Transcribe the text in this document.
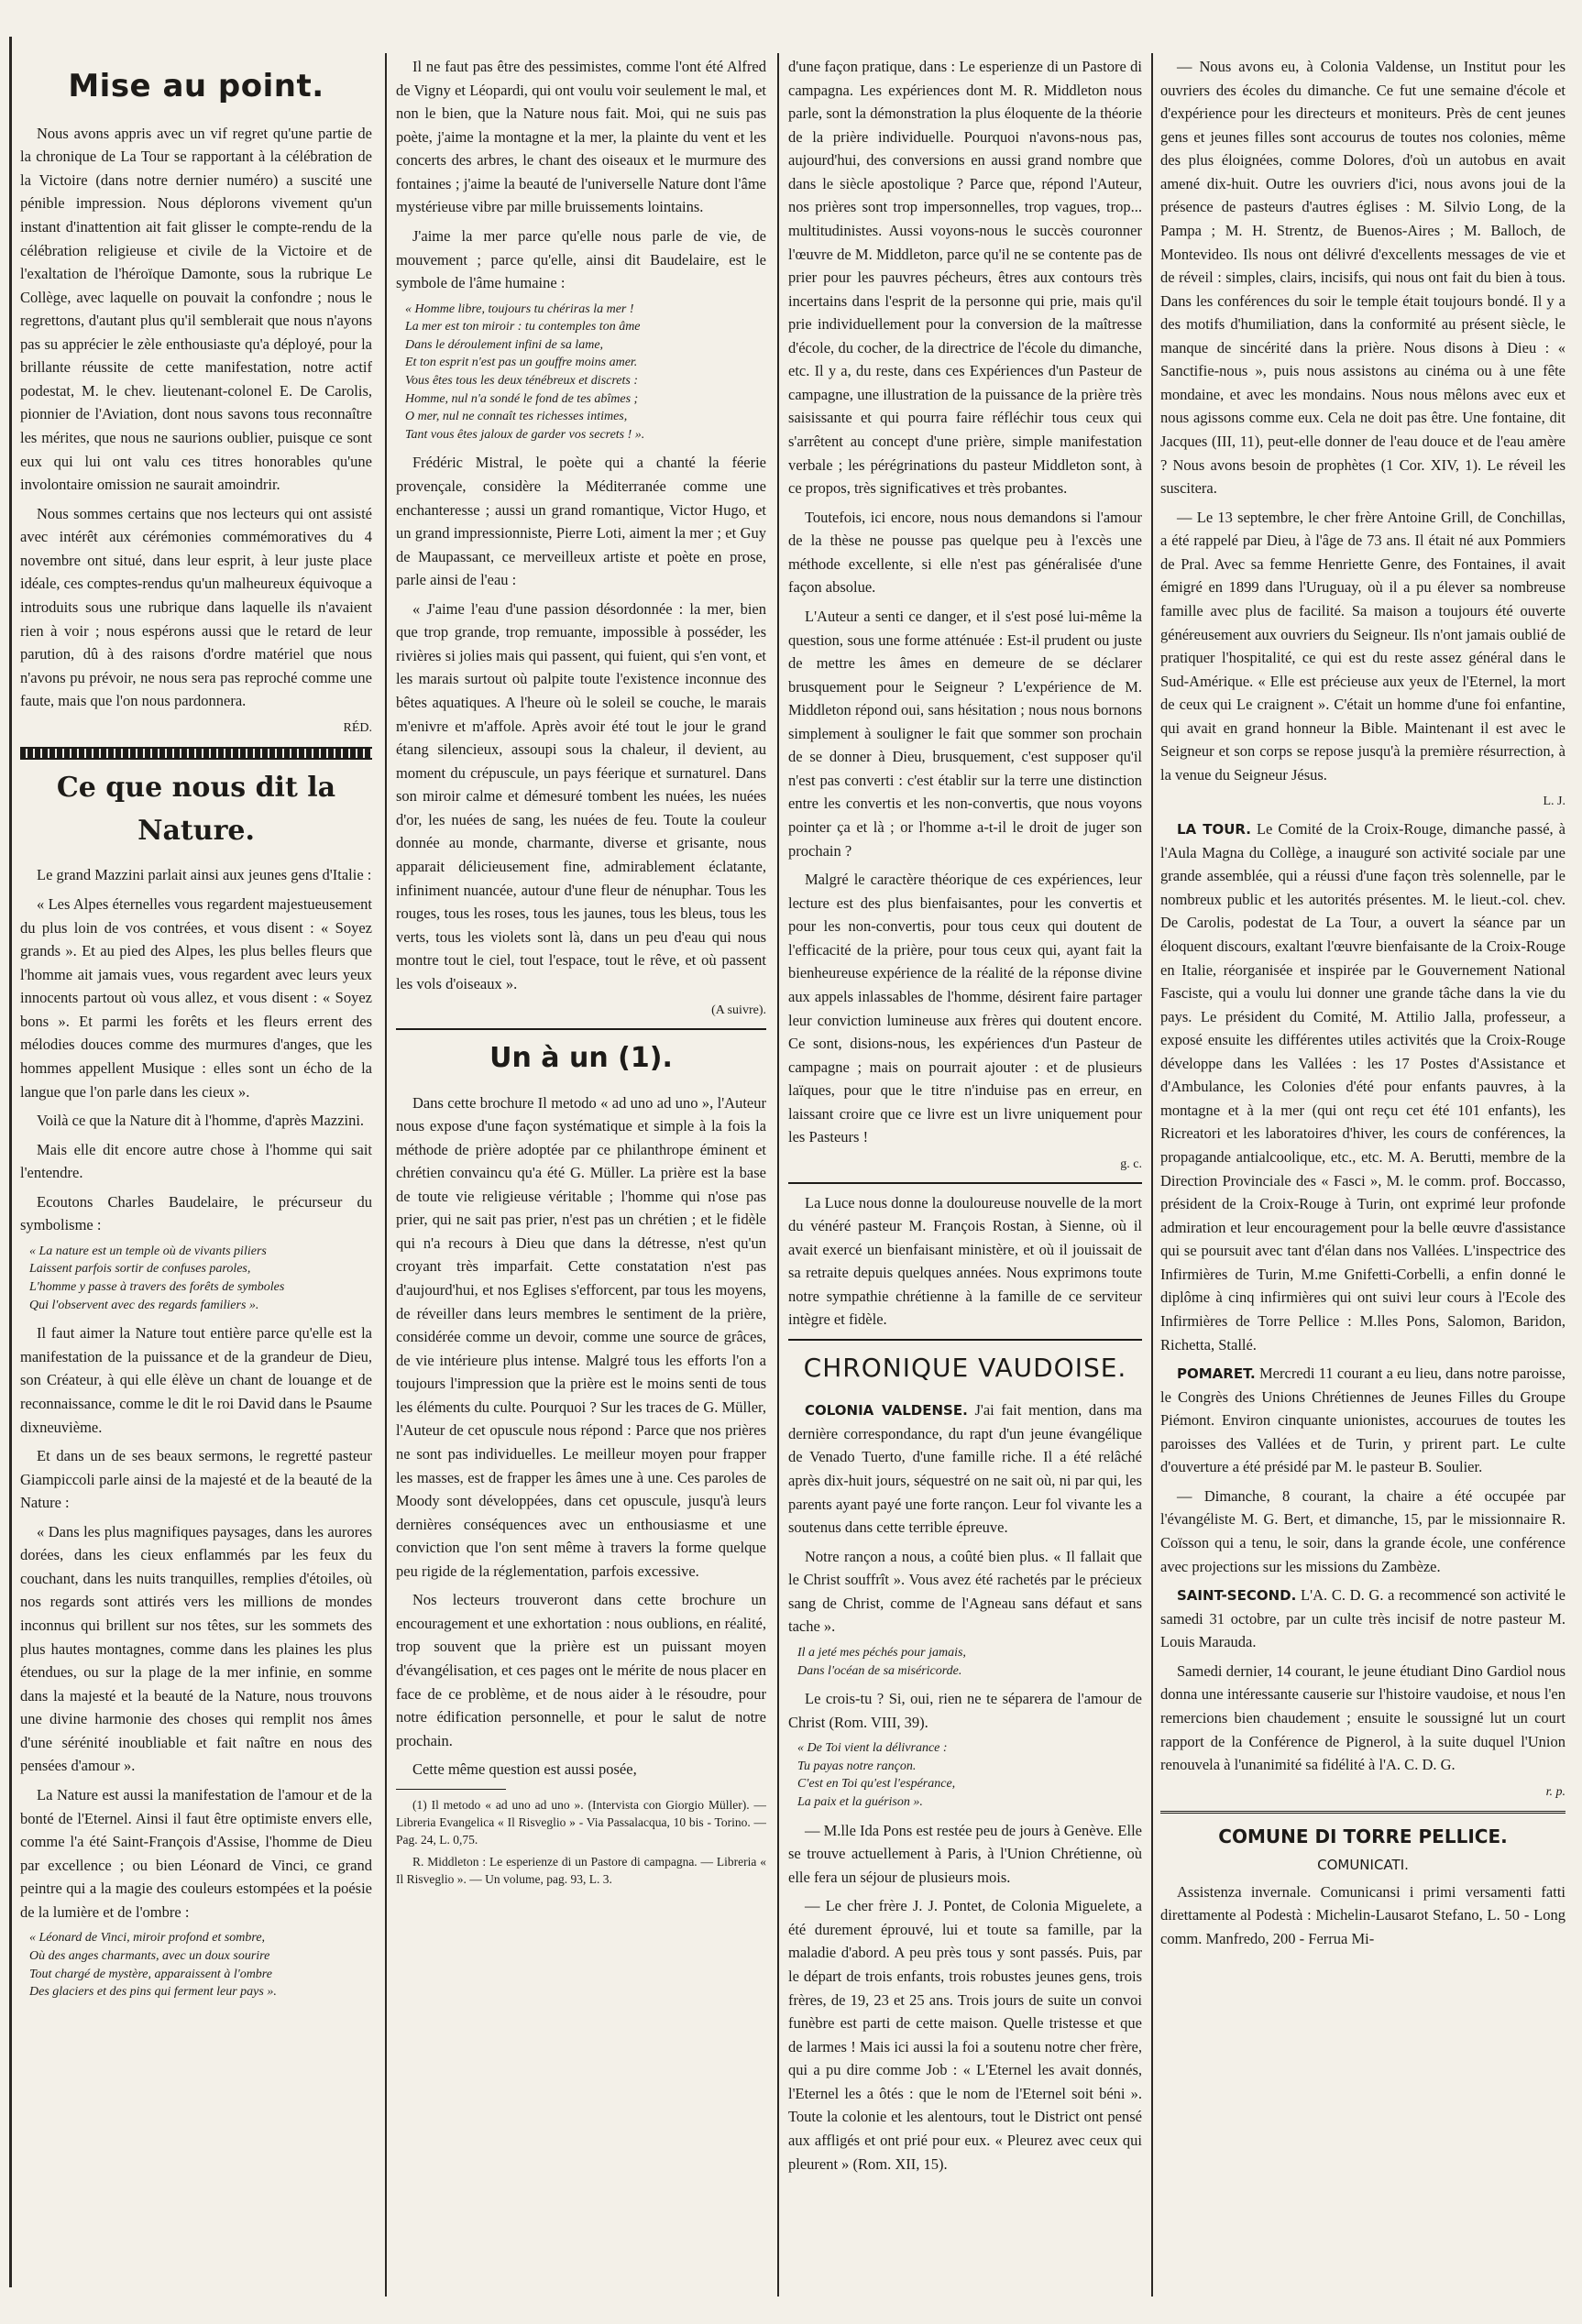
Mise au point.

Nous avons appris avec un vif regret qu'une partie de la chronique de La Tour se rapportant à la célébration de la Victoire (dans notre dernier numéro) a suscité une pénible impression. Nous déplorons vivement qu'un instant d'inattention ait fait glisser le compte-rendu de la célébration religieuse et civile de la Victoire et de l'exaltation de l'héroïque Damonte, sous la rubrique Le Collège, avec laquelle on pouvait la confondre ; nous le regrettons, d'autant plus qu'il semblerait que nous n'ayons pas su apprécier le zèle enthousiaste qu'a déployé, pour la brillante réussite de cette manifestation, notre actif podestat, M. le chev. lieutenant-colonel E. De Carolis, pionnier de l'Aviation, dont nous savons tous reconnaître les mérites, que nous ne saurions oublier, puisque ce sont eux qui lui ont valu ces titres honorables qu'une involontaire omission ne saurait amoindrir.

Nous sommes certains que nos lecteurs qui ont assisté avec intérêt aux cérémonies commémoratives du 4 novembre ont situé, dans leur esprit, à leur juste place idéale, ces comptes-rendus qu'un malheureux équivoque a introduits sous une rubrique dans laquelle ils n'avaient rien à voir ; nous espérons aussi que le retard de leur parution, dû à des raisons d'ordre matériel que nous n'avons pu prévoir, ne nous sera pas reproché comme une faute, mais que l'on nous pardonnera.

RÉD.
Ce que nous dit la Nature.

Le grand Mazzini parlait ainsi aux jeunes gens d'Italie :

« Les Alpes éternelles vous regardent majestueusement du plus loin de vos contrées, et vous disent : « Soyez grands ». Et au pied des Alpes, les plus belles fleurs que l'homme ait jamais vues, vous regardent avec leurs yeux innocents partout où vous allez, et vous disent : « Soyez bons ». Et parmi les forêts et les fleurs errent des mélodies douces comme des murmures d'anges, que les hommes appellent Musique : elles sont un écho de la langue que l'on parle dans les cieux ».

Voilà ce que la Nature dit à l'homme, d'après Mazzini.

Mais elle dit encore autre chose à l'homme qui sait l'entendre.

Ecoutons Charles Baudelaire, le précurseur du symbolisme :

« La nature est un temple où de vivants piliers
Laissent parfois sortir de confuses paroles,
L'homme y passe à travers des forêts de symboles
Qui l'observent avec des regards familiers ».

Il faut aimer la Nature tout entière parce qu'elle est la manifestation de la puissance et de la grandeur de Dieu, son Créateur, à qui elle élève un chant de louange et de reconnaissance, comme le dit le roi David dans le Psaume dixneuvième.

Et dans un de ses beaux sermons, le regretté pasteur Giampiccoli parle ainsi de la majesté et de la beauté de la Nature :

« Dans les plus magnifiques paysages, dans les aurores dorées, dans les cieux enflammés par les feux du couchant, dans les nuits tranquilles, remplies d'étoiles, où nos regards sont attirés vers les millions de mondes inconnus qui brillent sur nos têtes, sur les sommets des plus hautes montagnes, comme dans les plaines les plus étendues, ou sur la plage de la mer infinie, en somme dans la majesté et la beauté de la Nature, nous trouvons une divine harmonie des choses qui remplit nos âmes d'une sérénité inoubliable et fait naître en nous des pensées d'amour ».

La Nature est aussi la manifestation de l'amour et de la bonté de l'Eternel. Ainsi il faut être optimiste envers elle, comme l'a été Saint-François d'Assise, l'homme de Dieu par excellence ; ou bien Léonard de Vinci, ce grand peintre qui a la magie des couleurs estompées et la poésie de la lumière et de l'ombre :

« Léonard de Vinci, miroir profond et sombre,
Où des anges charmants, avec un doux sourire
Tout chargé de mystère, apparaissent à l'ombre
Des glaciers et des pins qui ferment leur pays ».

Il ne faut pas être des pessimistes, comme l'ont été Alfred de Vigny et Léopardi, qui ont voulu voir seulement le mal, et non le bien, que la Nature nous fait. Moi, qui ne suis pas poète, j'aime la montagne et la mer, la plainte du vent et les concerts des arbres, le chant des oiseaux et le murmure des fontaines ; j'aime la beauté de l'universelle Nature dont l'âme mystérieuse vibre par mille bruissements lointains.

J'aime la mer parce qu'elle nous parle de vie, de mouvement ; parce qu'elle, ainsi dit Baudelaire, est le symbole de l'âme humaine :

« Homme libre, toujours tu chériras la mer !
La mer est ton miroir : tu contemples ton âme
Dans le déroulement infini de sa lame,
Et ton esprit n'est pas un gouffre moins amer.
Vous êtes tous les deux ténébreux et discrets :
Homme, nul n'a sondé le fond de tes abîmes ;
O mer, nul ne connaît tes richesses intimes,
Tant vous êtes jaloux de garder vos secrets ! ».

Frédéric Mistral, le poète qui a chanté la féerie provençale, considère la Méditerranée comme une enchanteresse ; aussi un grand romantique, Victor Hugo, et un grand impressionniste, Pierre Loti, aiment la mer ; et Guy de Maupassant, ce merveilleux artiste et poète en prose, parle ainsi de l'eau :

« J'aime l'eau d'une passion désordonnée : la mer, bien que trop grande, trop remuante, impossible à posséder, les rivières si jolies mais qui passent, qui fuient, qui s'en vont, et les marais surtout où palpite toute l'existence inconnue des bêtes aquatiques. A l'heure où le soleil se couche, le marais m'enivre et m'affole. Après avoir été tout le jour le grand étang silencieux, assoupi sous la chaleur, il devient, au moment du crépuscule, un pays féerique et surnaturel. Dans son miroir calme et démesuré tombent les nuées, les nuées d'or, les nuées de sang, les nuées de feu. Toute la couleur donnée au monde, charmante, diverse et grisante, nous apparait délicieusement fine, admirablement éclatante, infiniment nuancée, autour d'une fleur de nénuphar. Tous les rouges, tous les roses, tous les jaunes, tous les bleus, tous les verts, tous les violets sont là, dans un peu d'eau qui nous montre tout le ciel, tout l'espace, tout le rêve, et où passent les vols d'oiseaux ».

(A suivre).
Un à un (1).

Dans cette brochure Il metodo « ad uno ad uno », l'Auteur nous expose d'une façon systématique et simple à la fois la méthode de prière adoptée par ce philanthrope éminent et chrétien convaincu qu'a été G. Müller. La prière est la base de toute vie religieuse véritable ; l'homme qui n'ose pas prier, qui ne sait pas prier, n'est pas un chrétien ; et le fidèle qui n'a recours à Dieu que dans la détresse, n'est qu'un croyant très imparfait. Cette constatation n'est pas d'aujourd'hui, et nos Eglises s'efforcent, par tous les moyens, de réveiller dans leurs membres le sentiment de la prière, considérée comme un devoir, comme une source de grâces, de vie intérieure plus intense. Malgré tous les efforts l'on a toujours l'impression que la prière est le moins senti de tous les éléments du culte. Pourquoi ? Sur les traces de G. Müller, l'Auteur de cet opuscule nous répond : Parce que nos prières ne sont pas individuelles. Le meilleur moyen pour frapper les masses, est de frapper les âmes une à une. Ces paroles de Moody sont développées, dans cet opuscule, jusqu'à leurs dernières conséquences avec un enthousiasme et une conviction que l'on sent même à travers la forme quelque peu rigide de la réglementation, parfois excessive.

Nos lecteurs trouveront dans cette brochure un encouragement et une exhortation : nous oublions, en réalité, trop souvent que la prière est un puissant moyen d'évangélisation, et ces pages ont le mérite de nous placer en face de ce problème, et de nous aider à le résoudre, pour notre édification personnelle, et pour le salut de notre prochain.

Cette même question est aussi posée,

(1) Il metodo « ad uno ad uno ». (Intervista con Giorgio Müller). — Libreria Evangelica « Il Risveglio » - Via Passalacqua, 10 bis - Torino. — Pag. 24, L. 0,75.

R. Middleton : Le esperienze di un Pastore di campagna. — Libreria « Il Risveglio ». — Un volume, pag. 93, L. 3.

d'une façon pratique, dans : Le esperienze di un Pastore di campagna. Les expériences dont M. R. Middleton nous parle, sont la démonstration la plus éloquente de la théorie de la prière individuelle. Pourquoi n'avons-nous pas, aujourd'hui, des conversions en aussi grand nombre que dans le siècle apostolique ? Parce que, répond l'Auteur, nos prières sont trop impersonnelles, trop vagues, trop... multitudinistes. Aussi voyons-nous le succès couronner l'œuvre de M. Middleton, parce qu'il ne se contente pas de prier pour les pauvres pécheurs, êtres aux contours très incertains dans l'esprit de la personne qui prie, mais qu'il prie individuellement pour la conversion de la maîtresse d'école, du cocher, de la directrice de l'école du dimanche, etc. Il y a, du reste, dans ces Expériences d'un Pasteur de campagne, une illustration de la puissance de la prière très saisissante et qui pourra faire réfléchir tous ceux qui s'arrêtent au concept d'une prière, simple manifestation verbale ; les pérégrinations du pasteur Middleton sont, à ce propos, très significatives et très probantes.

Toutefois, ici encore, nous nous demandons si l'amour de la thèse ne pousse pas quelque peu à l'excès une méthode excellente, si elle n'est pas généralisée d'une façon absolue.

L'Auteur a senti ce danger, et il s'est posé lui-même la question, sous une forme atténuée : Est-il prudent ou juste de mettre les âmes en demeure de se déclarer brusquement pour le Seigneur ? L'expérience de M. Middleton répond oui, sans hésitation ; nous nous bornons simplement à souligner le fait que sommer son prochain de se donner à Dieu, brusquement, c'est supposer qu'il n'est pas converti : c'est établir sur la terre une distinction entre les convertis et les non-convertis, que nous voyons pointer ça et là ; or l'homme a-t-il le droit de juger son prochain ?

Malgré le caractère théorique de ces expériences, leur lecture est des plus bienfaisantes, pour les convertis et pour les non-convertis, pour tous ceux qui doutent de l'efficacité de la prière, pour tous ceux qui, ayant fait la bienheureuse expérience de la réalité de la réponse divine aux appels inlassables de l'homme, désirent faire partager leur conviction lumineuse aux frères qui doutent encore. Ce sont, disions-nous, les expériences d'un Pasteur de campagne ; mais on pourrait ajouter : et de plusieurs laïques, pour que le titre n'induise pas en erreur, en laissant croire que ce livre est un livre uniquement pour les Pasteurs !

g. c.

La Luce nous donne la douloureuse nouvelle de la mort du vénéré pasteur M. François Rostan, à Sienne, où il avait exercé un bienfaisant ministère, et où il jouissait de sa retraite depuis quelques années. Nous exprimons toute notre sympathie chrétienne à la famille de ce serviteur intègre et fidèle.

CHRONIQUE VAUDOISE.

COLONIA VALDENSE. J'ai fait mention, dans ma dernière correspondance, du rapt d'un jeune évangélique de Venado Tuerto, d'une famille riche. Il a été relâché après dix-huit jours, séquestré on ne sait où, ni par qui, les parents ayant payé une forte rançon. Leur fol vivante les a soutenus dans cette terrible épreuve.

Notre rançon a nous, a coûté bien plus. « Il fallait que le Christ souffrît ». Vous avez été rachetés par le précieux sang de Christ, comme de l'Agneau sans défaut et sans tache ».

Il a jeté mes péchés pour jamais,
Dans l'océan de sa miséricorde.

Le crois-tu ? Si, oui, rien ne te séparera de l'amour de Christ (Rom. VIII, 39).

« De Toi vient la délivrance :
Tu payas notre rançon.
C'est en Toi qu'est l'espérance,
La paix et la guérison ».

— M.lle Ida Pons est restée peu de jours à Genève. Elle se trouve actuellement à Paris, à l'Union Chrétienne, où elle fera un séjour de plusieurs mois.

— Le cher frère J. J. Pontet, de Colonia Miguelete, a été durement éprouvé, lui et toute sa famille, par la maladie d'abord. A peu près tous y sont passés. Puis, par le départ de trois enfants, trois robustes jeunes gens, trois frères, de 19, 23 et 25 ans. Trois jours de suite un convoi funèbre est parti de cette maison. Quelle tristesse et que de larmes ! Mais ici aussi la foi a soutenu notre cher frère, qui a pu dire comme Job : « L'Eternel les avait donnés, l'Eternel les a ôtés : que le nom de l'Eternel soit béni ». Toute la colonie et les alentours, tout le District ont pensé aux affligés et ont prié pour eux. « Pleurez avec ceux qui pleurent » (Rom. XII, 15).

— Nous avons eu, à Colonia Valdense, un Institut pour les ouvriers des écoles du dimanche. Ce fut une semaine d'école et d'expérience pour les directeurs et moniteurs. Près de cent jeunes gens et jeunes filles sont accourus de toutes nos colonies, même des plus éloignées, comme Dolores, d'où un autobus en avait amené dix-huit. Outre les ouvriers d'ici, nous avons joui de la présence de pasteurs d'autres églises : M. Silvio Long, de la Pampa ; M. H. Strentz, de Buenos-Aires ; M. Balloch, de Montevideo. Ils nous ont délivré d'excellents messages de vie et de réveil : simples, clairs, incisifs, qui nous ont fait du bien à tous. Dans les conférences du soir le temple était toujours bondé. Il y a des motifs d'humiliation, dans la conformité au présent siècle, le manque de sincérité dans la prière. Nous disons à Dieu : « Sanctifie-nous », puis nous assistons au cinéma ou à une fête mondaine, et avec les mondains. Nous nous mêlons avec eux et nous agissons comme eux. Cela ne doit pas être. Une fontaine, dit Jacques (III, 11), peut-elle donner de l'eau douce et de l'eau amère ? Nous avons besoin de prophètes (1 Cor. XIV, 1). Le réveil les suscitera.

— Le 13 septembre, le cher frère Antoine Grill, de Conchillas, a été rappelé par Dieu, à l'âge de 73 ans. Il était né aux Pommiers de Pral. Avec sa femme Henriette Genre, des Fontaines, il avait émigré en 1899 dans l'Uruguay, où il a pu élever sa nombreuse famille avec plus de facilité. Sa maison a toujours été ouverte généreusement aux ouvriers du Seigneur. Ils n'ont jamais oublié de pratiquer l'hospitalité, ce qui est du reste assez général dans le Sud-Amérique. « Elle est précieuse aux yeux de l'Eternel, la mort de ceux qui Le craignent ». C'était un homme d'une foi enfantine, qui avait en grand honneur la Bible. Maintenant il est avec le Seigneur et son corps se repose jusqu'à la première résurrection, à la venue du Seigneur Jésus.

L. J.

LA TOUR. Le Comité de la Croix-Rouge, dimanche passé, à l'Aula Magna du Collège, a inauguré son activité sociale par une grande assemblée, qui a réussi d'une façon très solennelle, par le nombreux public et les autorités présentes. M. le lieut.-col. chev. De Carolis, podestat de La Tour, a ouvert la séance par un éloquent discours, exaltant l'œuvre bienfaisante de la Croix-Rouge en Italie, réorganisée et inspirée par le Gouvernement National Fasciste, qui a voulu lui donner une grande tâche dans la vie du pays. Le président du Comité, M. Attilio Jalla, professeur, a exposé ensuite les différentes utiles activités que la Croix-Rouge développe dans les Vallées : les 17 Postes d'Assistance et d'Ambulance, les Colonies d'été pour enfants pauvres, à la montagne et à la mer (qui ont reçu cet été 101 enfants), les Ricreatori et les laboratoires d'hiver, les cours de conférences, la propagande antialcoolique, etc., etc. M. A. Berutti, membre de la Direction Provinciale des « Fasci », M. le comm. prof. Boccasso, président de la Croix-Rouge à Turin, ont exprimé leur profonde admiration et leur encouragement pour la belle œuvre d'assistance qui se poursuit avec tant d'élan dans nos Vallées. L'inspectrice des Infirmières de Turin, M.me Gnifetti-Corbelli, a enfin donné le diplôme à cinq infirmières qui ont suivi leur cours à l'Ecole des Infirmières de Torre Pellice : M.lles Pons, Salomon, Baridon, Richetta, Stallé.

POMARET. Mercredi 11 courant a eu lieu, dans notre paroisse, le Congrès des Unions Chrétiennes de Jeunes Filles du Groupe Piémont. Environ cinquante unionistes, accourues de toutes les paroisses des Vallées et de Turin, y prirent part. Le culte d'ouverture a été présidé par M. le pasteur B. Soulier.

— Dimanche, 8 courant, la chaire a été occupée par l'évangéliste M. G. Bert, et dimanche, 15, par le missionnaire R. Coïsson qui a tenu, le soir, dans la grande école, une conférence avec projections sur les missions du Zambèze.

SAINT-SECOND. L'A. C. D. G. a recommencé son activité le samedi 31 octobre, par un culte très incisif de notre pasteur M. Louis Marauda.

Samedi dernier, 14 courant, le jeune étudiant Dino Gardiol nous donna une intéressante causerie sur l'histoire vaudoise, et nous l'en remercions bien chaudement ; ensuite le soussigné lut un court rapport de la Conférence de Pignerol, à la suite duquel l'Union renouvela à l'unanimité sa fidélité à l'A. C. D. G.

r. p.
COMUNE DI TORRE PELLICE.
COMUNICATI.

Assistenza invernale. Comunicansi i primi versamenti fatti direttamente al Podestà : Michelin-Lausarot Stefano, L. 50 - Long comm. Manfredo, 200 - Ferrua Mi-
